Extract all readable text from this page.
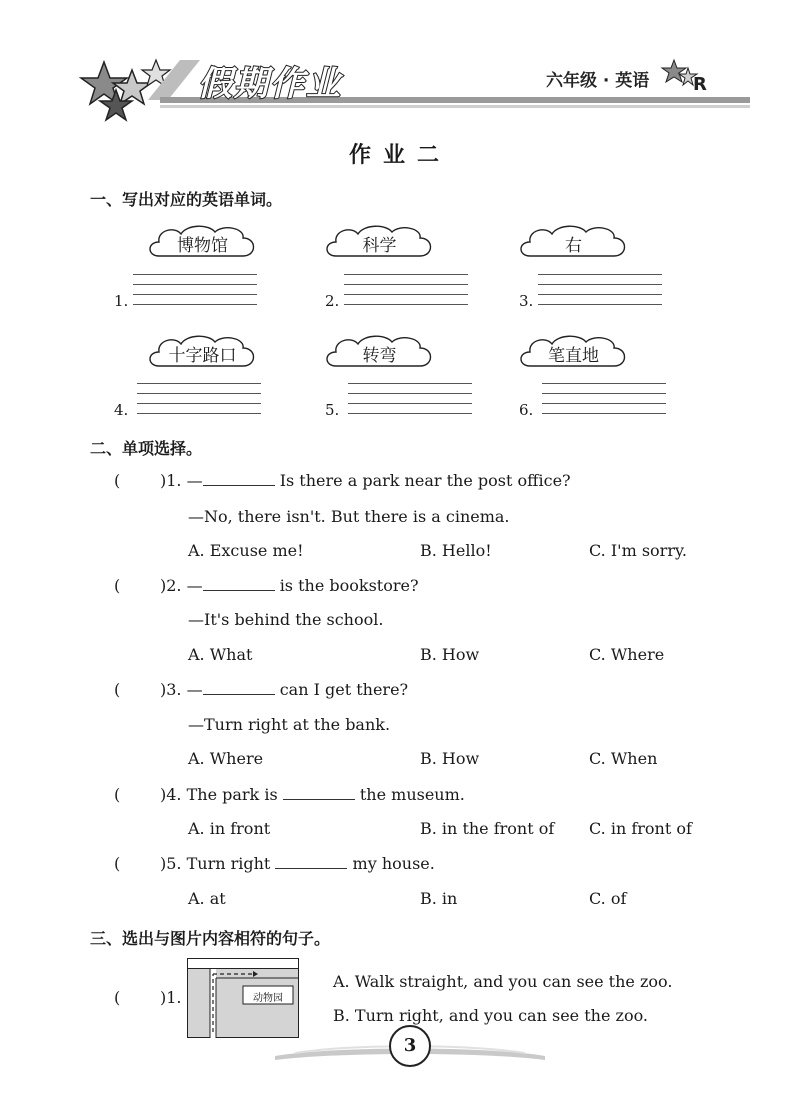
假期作业	六年级 · 英语 R
作业二
一、写出对应的英语单词。
博物馆
1.
科学
2.
右
3.
十字路口
4.
转弯
5.
笔直地
6.
二、单项选择。
( )1. —	Is there a park near the post office?
—No, there isn't. But there is a cinema.
A. Excuse me!	B. Hello!	C. I'm sorry.
( )2. —	is the bookstore?
—It's behind the school.
A. What	B. How	C. Where
( )3. —	can I get there?
—Turn right at the bank.
A. Where	B. How	C. When
( )4. The park is	the museum.
A. in front	B. in the front of C. in front of
( )5. Turn right	my house.
A. at	B. in	C. of
三、选出与图片内容相符的句子。
( )1.	动物园
A. Walk straight, and you can see the zoo.
B. Turn right, and you can see the zoo.
3
